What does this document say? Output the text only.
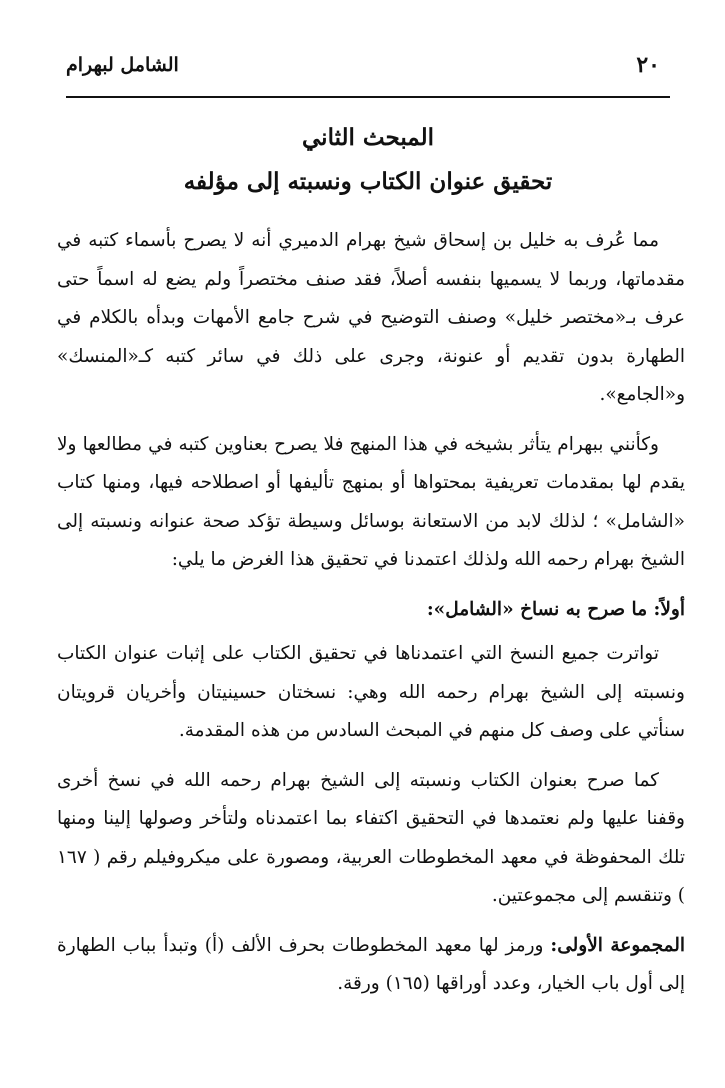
٢٠
الشامل لبهرام
المبحث الثاني
تحقيق عنوان الكتاب ونسبته إلى مؤلفه

مما عُرف به خليل بن إسحاق شيخ بهرام الدميري أنه لا يصرح بأسماء كتبه في مقدماتها، وربما لا يسميها بنفسه أصلاً، فقد صنف مختصراً ولم يضع له اسماً حتى عرف بـ«مختصر خليل» وصنف التوضيح في شرح جامع الأمهات وبدأه بالكلام في الطهارة بدون تقديم أو عنونة، وجرى على ذلك في سائر كتبه كـ«المنسك» و«الجامع».

وكأنني ببهرام يتأثر بشيخه في هذا المنهج فلا يصرح بعناوين كتبه في مطالعها ولا يقدم لها بمقدمات تعريفية بمحتواها أو بمنهج تأليفها أو اصطلاحه فيها، ومنها كتاب «الشامل» ؛ لذلك لابد من الاستعانة بوسائل وسيطة تؤكد صحة عنوانه ونسبته إلى الشيخ بهرام رحمه الله ولذلك اعتمدنا في تحقيق هذا الغرض ما يلي:

أولاً: ما صرح به نساخ «الشامل»:

تواترت جميع النسخ التي اعتمدناها في تحقيق الكتاب على إثبات عنوان الكتاب ونسبته إلى الشيخ بهرام رحمه الله وهي: نسختان حسينيتان وأخريان قرويتان سنأتي على وصف كل منهم في المبحث السادس من هذه المقدمة.

كما صرح بعنوان الكتاب ونسبته إلى الشيخ بهرام رحمه الله في نسخ أخرى وقفنا عليها ولم نعتمدها في التحقيق اكتفاء بما اعتمدناه ولتأخر وصولها إلينا ومنها تلك المحفوظة في معهد المخطوطات العربية، ومصورة على ميكروفيلم رقم ( ١٦٧ ) وتنقسم إلى مجموعتين.

المجموعة الأولى: ورمز لها معهد المخطوطات بحرف الألف (أ) وتبدأ بباب الطهارة إلى أول باب الخيار، وعدد أوراقها (١٦٥) ورقة.
